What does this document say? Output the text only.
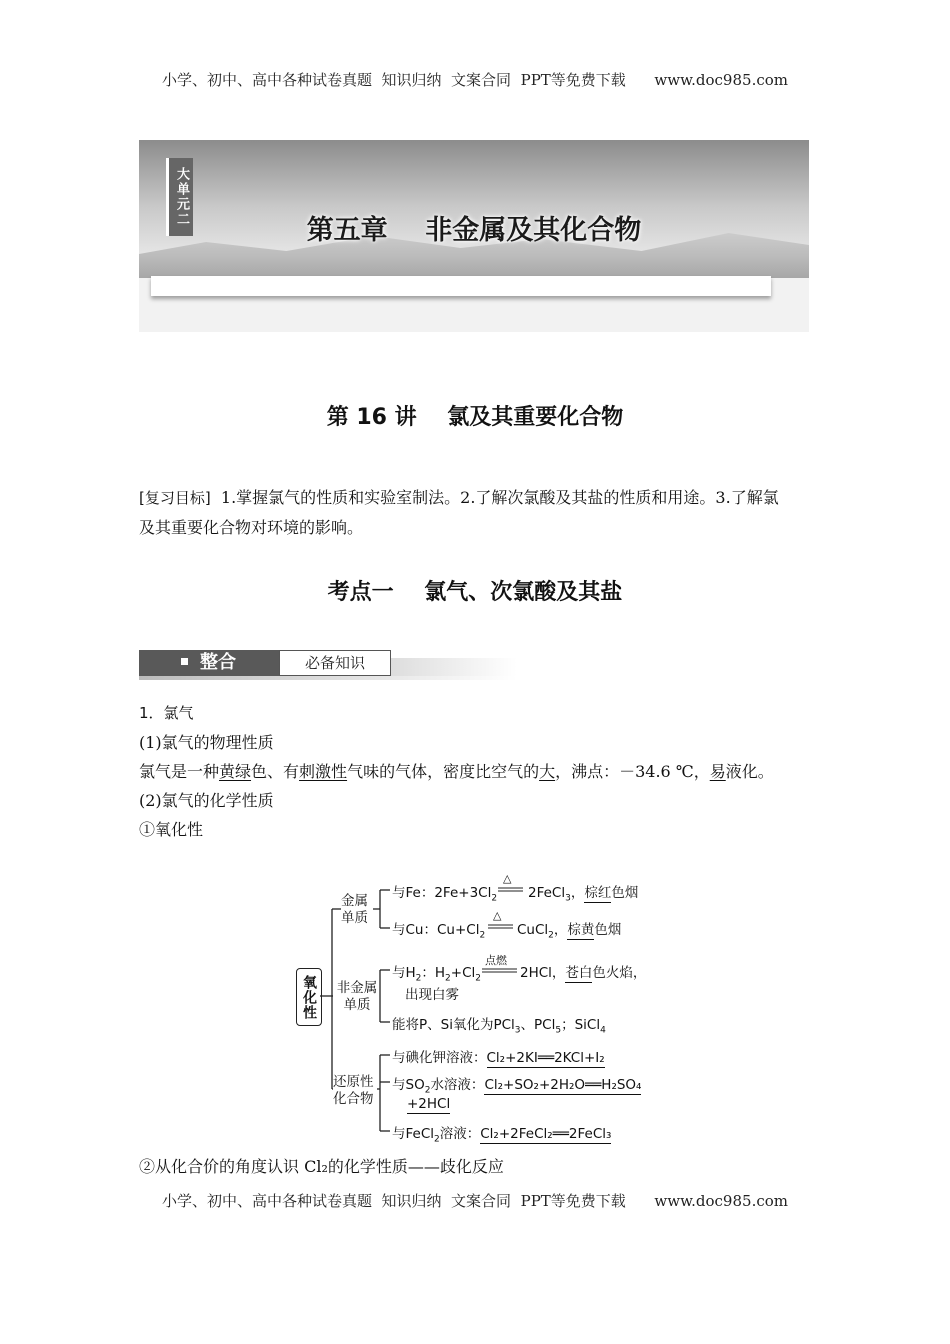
小学、初中、高中各种试卷真题  知识归纳  文案合同  PPT等免费下载      www.doc985.com
大单元二
第五章    非金属及其化合物
第 16 讲    氯及其重要化合物
[复习目标]  1.掌握氯气的性质和实验室制法。2.了解次氯酸及其盐的性质和用途。3.了解氯
及其重要化合物对环境的影响。
考点一    氯气、次氯酸及其盐
整合	必备知识
1．氯气
(1)氯气的物理性质
氯气是一种黄绿色、有刺激性气味的气体，密度比空气的大，沸点：－34.6 ℃，易液化。
(2)氯气的化学性质
①氧化性
氧化性
金属单质
非金属单质
还原性化合物
与Fe：$2Fe+3Cl_2$
△
2FeCl$_3$，棕红色烟
与Cu：$Cu+Cl_2$
△
CuCl$_2$，棕黄色烟
与$H_2$：$H_2+Cl_2$
点燃
2HCl，苍白色火焰，
出现白雾
能将P、Si氧化为PCl$_3$、PCl$_5$；SiCl$_4$
与碘化钾溶液：Cl₂+2KI══2KCl+I₂
与$SO_2$水溶液：Cl₂+SO₂+2H₂O══H₂SO₄
+2HCl
与FeCl$_2$溶液：Cl₂+2FeCl₂══2FeCl₃
②从化合价的角度认识 Cl₂的化学性质——歧化反应
小学、初中、高中各种试卷真题  知识归纳  文案合同  PPT等免费下载      www.doc985.com
